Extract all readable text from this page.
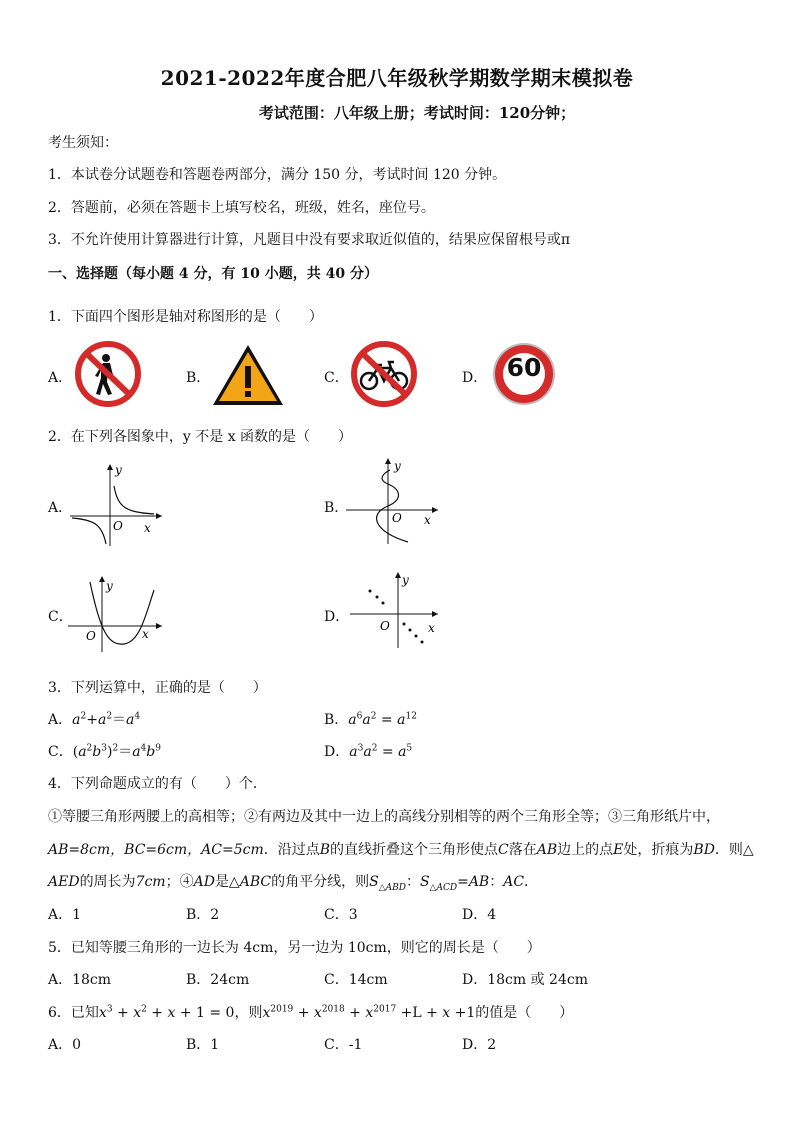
2021-2022年度合肥八年级秋学期数学期末模拟卷
考试范围：八年级上册；考试时间：120分钟；
考生须知：
1．本试卷分试题卷和答题卷两部分，满分 150 分，考试时间 120 分钟。
2．答题前，必须在答题卡上填写校名，班级，姓名，座位号。
3．不允许使用计算器进行计算，凡题目中没有要求取近似值的，结果应保留根号或π
一、选择题（每小题 4 分，有 10 小题，共 40 分）
1．下面四个图形是轴对称图形的是（　　）
A．	B．	C．	D． 60
2．在下列各图象中，y 不是 x 函数的是（　　）
A．	B．
C．	D．
y
O x
y
O x
y
O	x
y
O	x
3．下列运算中，正确的是（　　）
A．$a^2+a^2=a^4$	B．$a^6a^2 = a^{12}$
C．$(a^2b^3)^2=a^4b^9$	D．$a^3a^2 = a^5$
4．下列命题成立的有（　　）个．
①等腰三角形两腰上的高相等；②有两边及其中一边上的高线分别相等的两个三角形全等；③三角形纸片中，
AB=8cm，BC=6cm，AC=5cm．沿过点B的直线折叠这个三角形使点C落在AB边上的点E处，折痕为BD．则△
AED的周长为7cm；④AD是△ABC的角平分线，则$S_{\triangle ABD}$：$S_{\triangle ACD}=AB$：AC．
A．1	B．2	C．3	D．4
5．已知等腰三角形的一边长为 4cm，另一边为 10cm，则它的周长是（　　）
A．18cm	B．24cm	C．14cm	D．18cm 或 24cm
6．已知$x^3 + x^2 + x + 1 = 0$，则$x^{2019} + x^{2018} + x^{2017} +L + x +1$的值是（　　）
A．0	B．1	C．-1	D．2
